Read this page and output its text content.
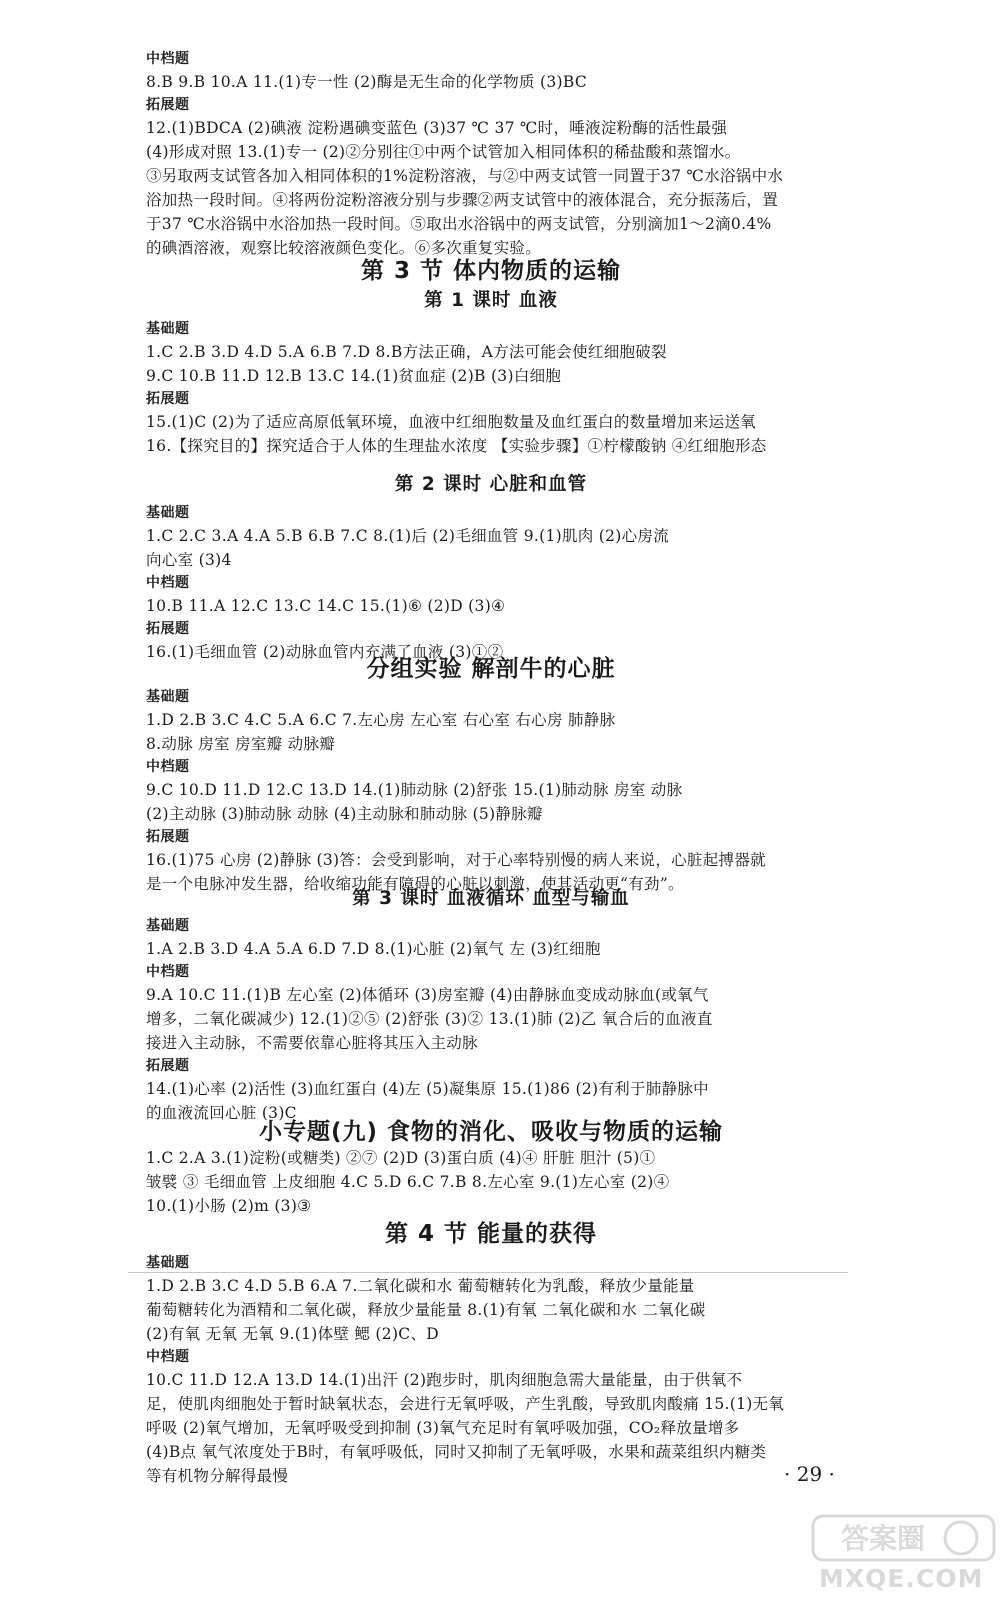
中档题
8.B 9.B 10.A 11.(1)专一性 (2)酶是无生命的化学物质 (3)BC
拓展题
12.(1)BDCA (2)碘液 淀粉遇碘变蓝色 (3)37 ℃ 37 ℃时，唾液淀粉酶的活性最强
(4)形成对照 13.(1)专一 (2)②分别往①中两个试管加入相同体积的稀盐酸和蒸馏水。
③另取两支试管各加入相同体积的1%淀粉溶液，与②中两支试管一同置于37 ℃水浴锅中水
浴加热一段时间。④将两份淀粉溶液分别与步骤②两支试管中的液体混合，充分振荡后，置
于37 ℃水浴锅中水浴加热一段时间。⑤取出水浴锅中的两支试管，分别滴加1～2滴0.4%
的碘酒溶液，观察比较溶液颜色变化。⑥多次重复实验。
第 3 节 体内物质的运输
第 1 课时 血液
基础题
1.C 2.B 3.D 4.D 5.A 6.B 7.D 8.B方法正确，A方法可能会使红细胞破裂
9.C 10.B 11.D 12.B 13.C 14.(1)贫血症 (2)B (3)白细胞
拓展题
15.(1)C (2)为了适应高原低氧环境，血液中红细胞数量及血红蛋白的数量增加来运送氧
16.【探究目的】探究适合于人体的生理盐水浓度 【实验步骤】①柠檬酸钠 ④红细胞形态
第 2 课时 心脏和血管
基础题
1.C 2.C 3.A 4.A 5.B 6.B 7.C 8.(1)后 (2)毛细血管 9.(1)肌肉 (2)心房流
向心室 (3)4
中档题
10.B 11.A 12.C 13.C 14.C 15.(1)⑥ (2)D (3)④
拓展题
16.(1)毛细血管 (2)动脉血管内充满了血液 (3)①②
分组实验 解剖牛的心脏
基础题
1.D 2.B 3.C 4.C 5.A 6.C 7.左心房 左心室 右心室 右心房 肺静脉
8.动脉 房室 房室瓣 动脉瓣
中档题
9.C 10.D 11.D 12.C 13.D 14.(1)肺动脉 (2)舒张 15.(1)肺动脉 房室 动脉
(2)主动脉 (3)肺动脉 动脉 (4)主动脉和肺动脉 (5)静脉瓣
拓展题
16.(1)75 心房 (2)静脉 (3)答：会受到影响，对于心率特别慢的病人来说，心脏起搏器就
是一个电脉冲发生器，给收缩功能有障碍的心脏以刺激，使其活动更“有劲”。
第 3 课时 血液循环 血型与输血
基础题
1.A 2.B 3.D 4.A 5.A 6.D 7.D 8.(1)心脏 (2)氧气 左 (3)红细胞
中档题
9.A 10.C 11.(1)B 左心室 (2)体循环 (3)房室瓣 (4)由静脉血变成动脉血(或氧气
增多，二氧化碳减少) 12.(1)②⑤ (2)舒张 (3)② 13.(1)肺 (2)乙 氧合后的血液直
接进入主动脉，不需要依靠心脏将其压入主动脉
拓展题
14.(1)心率 (2)活性 (3)血红蛋白 (4)左 (5)凝集原 15.(1)86 (2)有利于肺静脉中
的血液流回心脏 (3)C
小专题(九) 食物的消化、吸收与物质的运输
1.C 2.A 3.(1)淀粉(或糖类) ②⑦ (2)D (3)蛋白质 (4)④ 肝脏 胆汁 (5)①
皱襞 ③ 毛细血管 上皮细胞 4.C 5.D 6.C 7.B 8.左心室 9.(1)左心室 (2)④
10.(1)小肠 (2)m (3)③
第 4 节 能量的获得
基础题
1.D 2.B 3.C 4.D 5.B 6.A 7.二氧化碳和水 葡萄糖转化为乳酸，释放少量能量
葡萄糖转化为酒精和二氧化碳，释放少量能量 8.(1)有氧 二氧化碳和水 二氧化碳
(2)有氧 无氧 无氧 9.(1)体壁 鳃 (2)C、D
中档题
10.C 11.D 12.A 13.D 14.(1)出汗 (2)跑步时，肌肉细胞急需大量能量，由于供氧不
足，使肌肉细胞处于暂时缺氧状态，会进行无氧呼吸，产生乳酸，导致肌肉酸痛 15.(1)无氧
呼吸 (2)氧气增加，无氧呼吸受到抑制 (3)氧气充足时有氧呼吸加强，CO₂释放量增多
(4)B点 氧气浓度处于B时，有氧呼吸低，同时又抑制了无氧呼吸，水果和蔬菜组织内糖类
等有机物分解得最慢	· 29 ·
答案圈
MXQE.COM
